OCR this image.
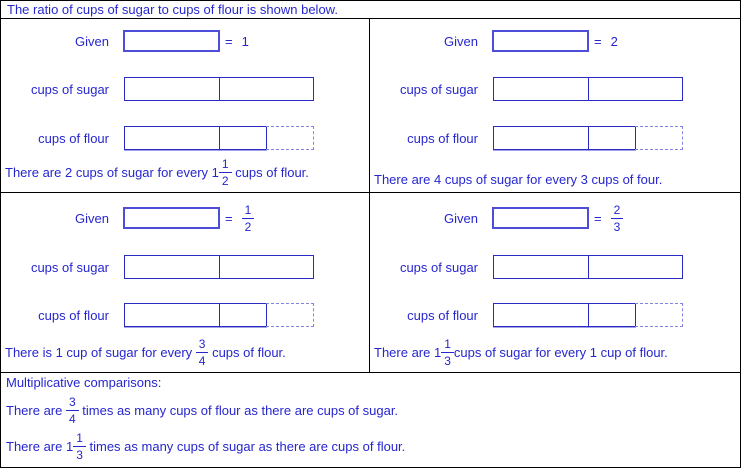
The ratio of cups of sugar to cups of flour is shown below.
Given	= 1
cups of sugar
cups of flour
There are 2 cups of sugar for every $1 \frac{1}{2}$ cups of flour.
Given	= 2
cups of sugar
cups of flour
There are 4 cups of sugar for every 3 cups of four.
Given	= $\frac{1}{2}$
cups of sugar
cups of flour
There is 1 cup of sugar for every $\frac{3}{4}$ cups of flour.
Given	= $\frac{2}{3}$
cups of sugar
cups of flour
There are $1 \frac{1}{3}$ cups of sugar for every 1 cup of flour.
Multiplicative comparisons:
There are $\frac{3}{4}$ times as many cups of flour as there are cups of sugar.
There are $1 \frac{1}{3}$ times as many cups of sugar as there are cups of flour.
